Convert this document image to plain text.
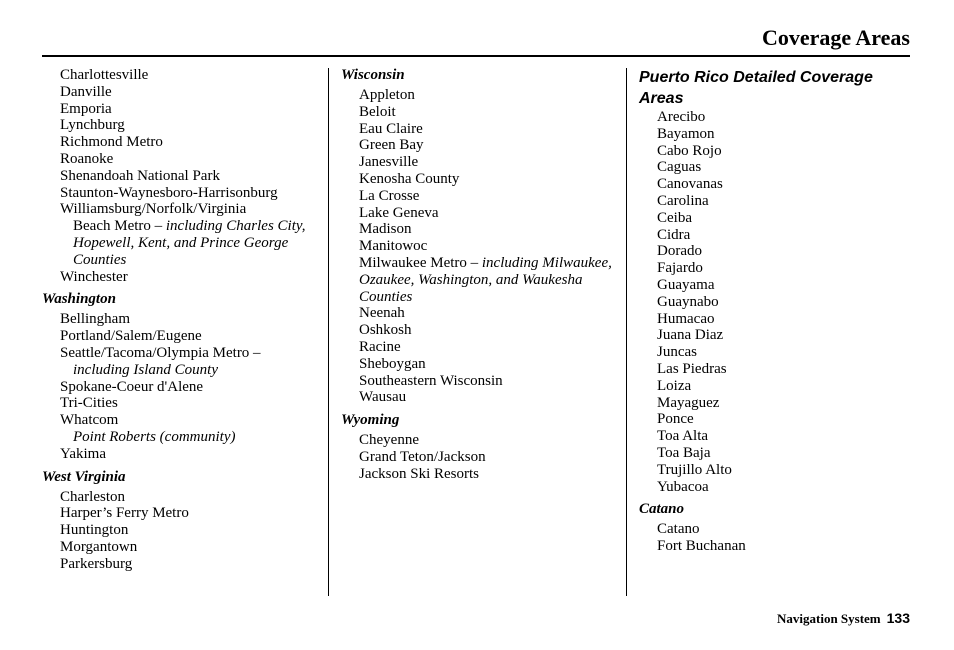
Coverage Areas
Charlottesville
Danville
Emporia
Lynchburg
Richmond Metro
Roanoke
Shenandoah National Park
Staunton-Waynesboro-Harrisonburg
Williamsburg/Norfolk/Virginia
Beach Metro – including Charles City, Hopewell, Kent, and Prince George Counties
Winchester
Washington
Bellingham
Portland/Salem/Eugene
Seattle/Tacoma/Olympia Metro –
including Island County
Spokane-Coeur d'Alene
Tri-Cities
Whatcom
Point Roberts (community)
Yakima
West Virginia
Charleston
Harper’s Ferry Metro
Huntington
Morgantown
Parkersburg
Wisconsin
Appleton
Beloit
Eau Claire
Green Bay
Janesville
Kenosha County
La Crosse
Lake Geneva
Madison
Manitowoc
Milwaukee Metro – including Milwaukee, Ozaukee, Washington, and Waukesha Counties
Neenah
Oshkosh
Racine
Sheboygan
Southeastern Wisconsin
Wausau
Wyoming
Cheyenne
Grand Teton/Jackson
Jackson Ski Resorts
Puerto Rico Detailed Coverage Areas
Arecibo
Bayamon
Cabo Rojo
Caguas
Canovanas
Carolina
Ceiba
Cidra
Dorado
Fajardo
Guayama
Guaynabo
Humacao
Juana Diaz
Juncas
Las Piedras
Loiza
Mayaguez
Ponce
Toa Alta
Toa Baja
Trujillo Alto
Yubacoa
Catano
Catano
Fort Buchanan
Navigation System 133
